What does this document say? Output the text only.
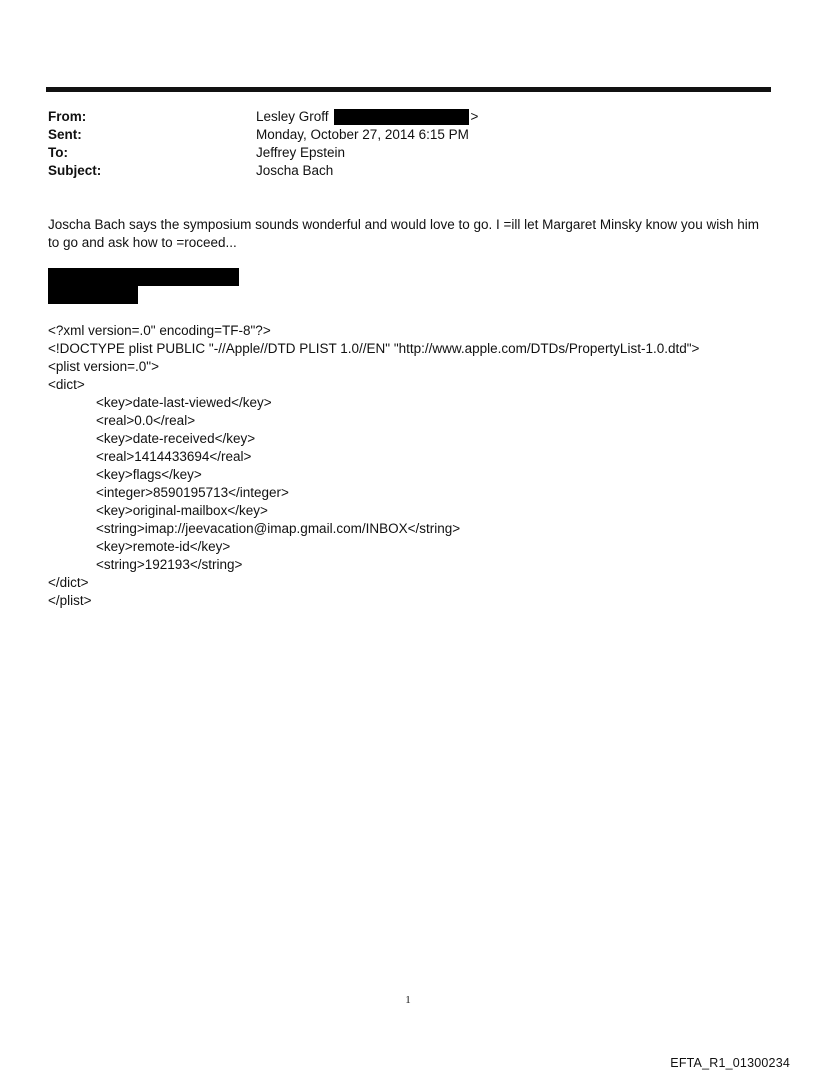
From:	Lesley Groff	>
Sent:	Monday, October 27, 2014 6:15 PM
To:	Jeffrey Epstein
Subject:	Joscha Bach
Joscha Bach says the symposium sounds wonderful and would love to go. I =ill let Margaret Minsky know you wish him to go and ask how to =roceed...
<?xml version=.0" encoding=TF-8"?>
<!DOCTYPE plist PUBLIC "-//Apple//DTD PLIST 1.0//EN" "http://www.apple.com/DTDs/PropertyList-1.0.dtd">
<plist version=.0">
<dict>
<key>date-last-viewed</key>
<real>0.0</real>
<key>date-received</key>
<real>1414433694</real>
<key>flags</key>
<integer>8590195713</integer>
<key>original-mailbox</key>
<string>imap://jeevacation@imap.gmail.com/INBOX</string>
<key>remote-id</key>
<string>192193</string>
</dict>
</plist>
1
EFTA_R1_01300234
